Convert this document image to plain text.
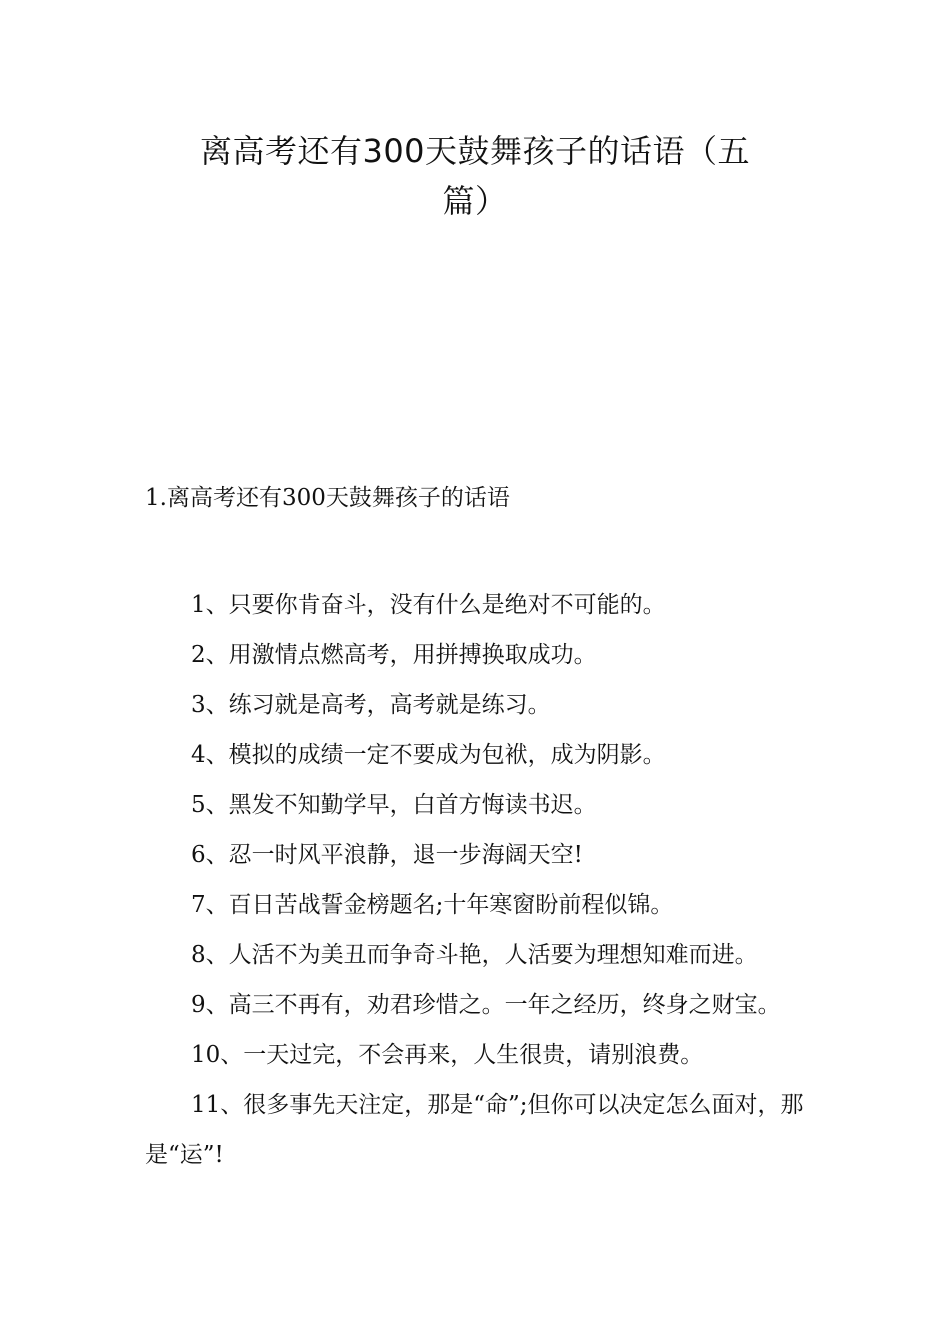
离高考还有300天鼓舞孩子的话语（五
篇）
1.离高考还有300天鼓舞孩子的话语
1、只要你肯奋斗，没有什么是绝对不可能的。
2、用激情点燃高考，用拼搏换取成功。
3、练习就是高考，高考就是练习。
4、模拟的成绩一定不要成为包袱，成为阴影。
5、黑发不知勤学早，白首方悔读书迟。
6、忍一时风平浪静，退一步海阔天空!
7、百日苦战誓金榜题名;十年寒窗盼前程似锦。
8、人活不为美丑而争奇斗艳，人活要为理想知难而进。
9、高三不再有，劝君珍惜之。一年之经历，终身之财宝。
10、一天过完，不会再来，人生很贵，请别浪费。
11、很多事先天注定，那是“命”;但你可以决定怎么面对，那是“运”!
